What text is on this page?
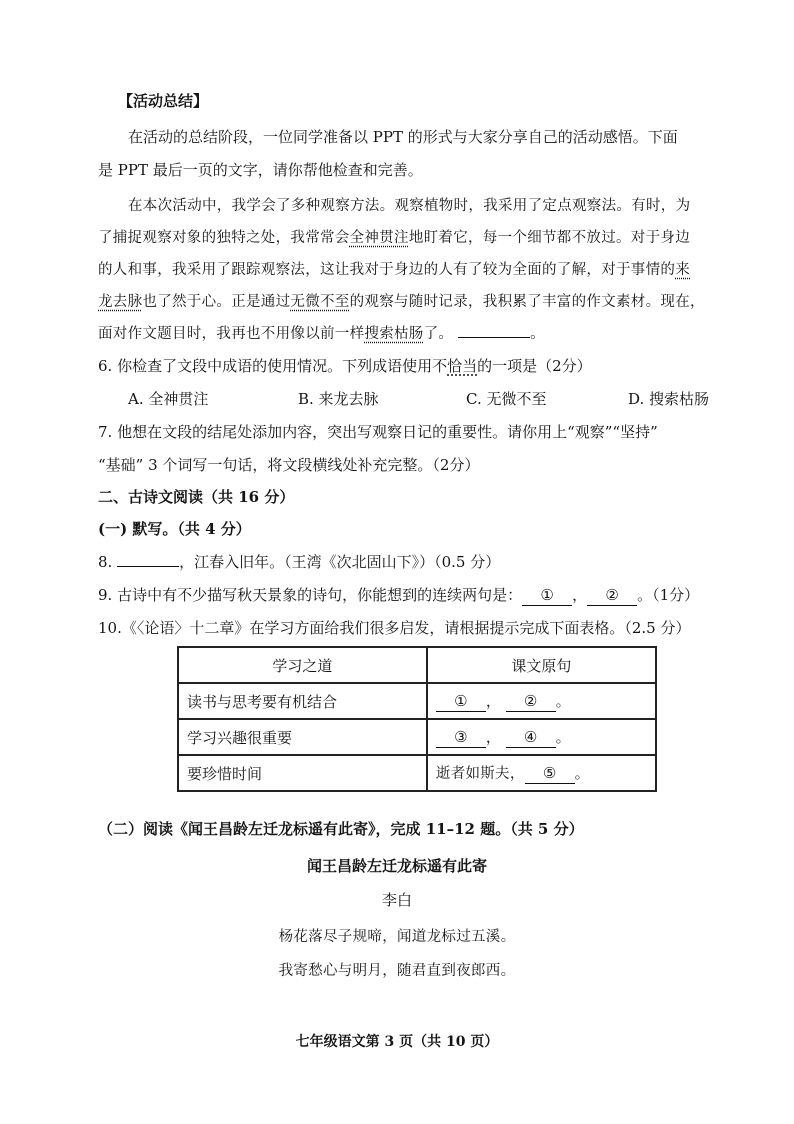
【活动总结】
在活动的总结阶段，一位同学准备以 PPT 的形式与大家分享自己的活动感悟。下面
是 PPT 最后一页的文字，请你帮他检查和完善。
在本次活动中，我学会了多种观察方法。观察植物时，我采用了定点观察法。有时，为
了捕捉观察对象的独特之处，我常常会全神贯注地盯着它，每一个细节都不放过。对于身边
的人和事，我采用了跟踪观察法，这让我对于身边的人有了较为全面的了解，对于事情的来
龙去脉也了然于心。正是通过无微不至的观察与随时记录，我积累了丰富的作文素材。现在，
面对作文题目时，我再也不用像以前一样搜索枯肠了。	。
6. 你检查了文段中成语的使用情况。下列成语使用不恰当的一项是（2分）
A. 全神贯注	B. 来龙去脉	C. 无微不至	D. 搜索枯肠
7. 他想在文段的结尾处添加内容，突出写观察日记的重要性。请你用上“观察”“坚持”
“基础” 3 个词写一句话，将文段横线处补充完整。（2分）
二、古诗文阅读（共 16 分）
(一) 默写。（共 4 分）
8.	，江春入旧年。（王湾《次北固山下》）（0.5 分）
9. 古诗中有不少描写秋天景象的诗句，你能想到的连续两句是： ① ， ② 。（1分）
10.《〈论语〉十二章》在学习方面给我们很多启发，请根据提示完成下面表格。（2.5 分）
学习之道	课文原句
读书与思考要有机结合	① ， ② 。
学习兴趣很重要	③ ， ④ 。
要珍惜时间	逝者如斯夫， ⑤ 。
（二）阅读《闻王昌龄左迁龙标遥有此寄》，完成 11–12 题。（共 5 分）
闻王昌龄左迁龙标遥有此寄
李白
杨花落尽子规啼，闻道龙标过五溪。
我寄愁心与明月，随君直到夜郎西。
七年级语文第 3 页（共 10 页）
